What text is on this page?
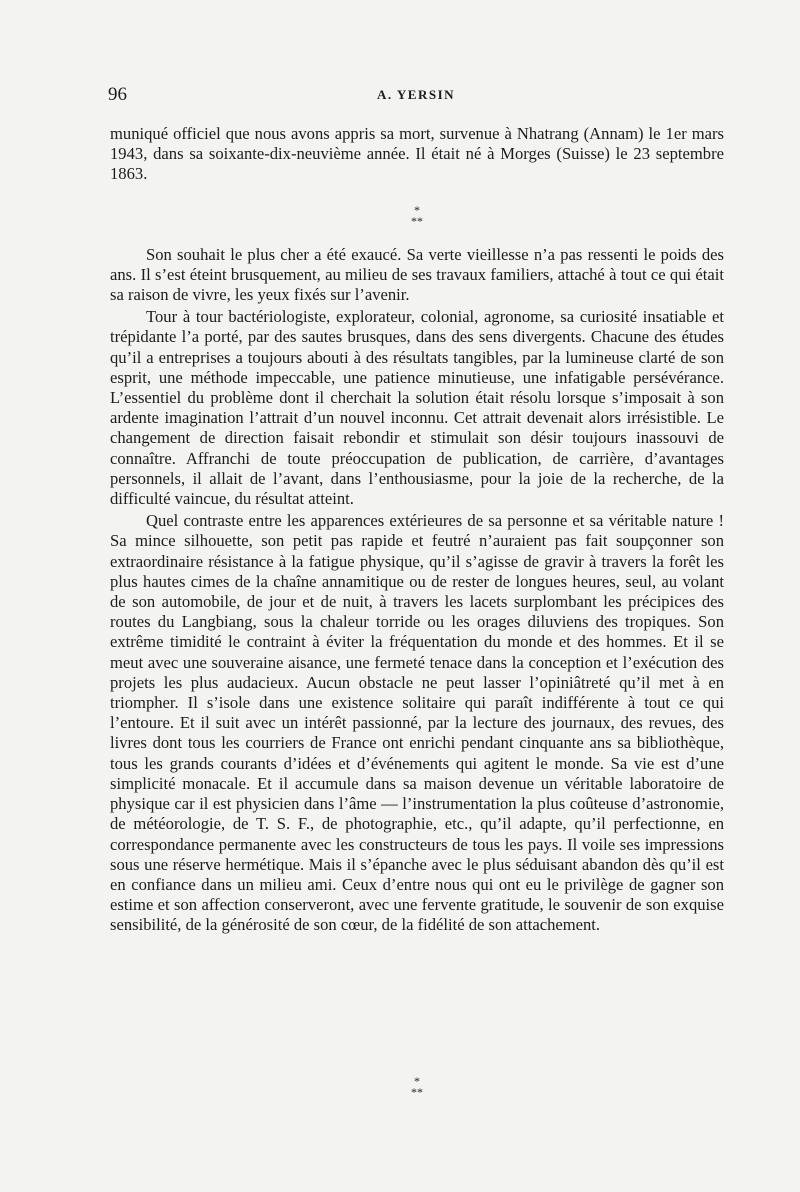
96	A. YERSIN

muniqué officiel que nous avons appris sa mort, survenue à Nhatrang (Annam) le 1er mars 1943, dans sa soixante-dix-neuvième année. Il était né à Morges (Suisse) le 23 septembre 1863.

*
**

Son souhait le plus cher a été exaucé. Sa verte vieillesse n’a pas ressenti le poids des ans. Il s’est éteint brusquement, au milieu de ses travaux familiers, attaché à tout ce qui était sa raison de vivre, les yeux fixés sur l’avenir.

Tour à tour bactériologiste, explorateur, colonial, agronome, sa curiosité insatiable et trépidante l’a porté, par des sautes brusques, dans des sens divergents. Chacune des études qu’il a entreprises a toujours abouti à des résultats tangibles, par la lumineuse clarté de son esprit, une méthode impeccable, une patience minutieuse, une infatigable persévérance. L’essentiel du problème dont il cherchait la solution était résolu lorsque s’imposait à son ardente imagination l’attrait d’un nouvel inconnu. Cet attrait devenait alors irrésistible. Le changement de direction faisait rebondir et stimulait son désir toujours inassouvi de connaître. Affranchi de toute préoccupation de publication, de carrière, d’avantages personnels, il allait de l’avant, dans l’enthousiasme, pour la joie de la recherche, de la difficulté vaincue, du résultat atteint.

Quel contraste entre les apparences extérieures de sa personne et sa véritable nature ! Sa mince silhouette, son petit pas rapide et feutré n’auraient pas fait soupçonner son extraordinaire résistance à la fatigue physique, qu’il s’agisse de gravir à travers la forêt les plus hautes cimes de la chaîne annamitique ou de rester de longues heures, seul, au volant de son automobile, de jour et de nuit, à travers les lacets surplombant les précipices des routes du Langbiang, sous la chaleur torride ou les orages diluviens des tropiques. Son extrême timidité le contraint à éviter la fréquentation du monde et des hommes. Et il se meut avec une souveraine aisance, une fermeté tenace dans la conception et l’exécution des projets les plus audacieux. Aucun obstacle ne peut lasser l’opiniâtreté qu’il met à en triompher. Il s’isole dans une existence solitaire qui paraît indifférente à tout ce qui l’entoure. Et il suit avec un intérêt passionné, par la lecture des journaux, des revues, des livres dont tous les courriers de France ont enrichi pendant cinquante ans sa bibliothèque, tous les grands courants d’idées et d’événements qui agitent le monde. Sa vie est d’une simplicité monacale. Et il accumule dans sa maison devenue un véritable laboratoire de physique car il est physicien dans l’âme — l’instrumentation la plus coûteuse d’astronomie, de météorologie, de T. S. F., de photographie, etc., qu’il adapte, qu’il perfectionne, en correspondance permanente avec les constructeurs de tous les pays. Il voile ses impressions sous une réserve hermétique. Mais il s’épanche avec le plus séduisant abandon dès qu’il est en confiance dans un milieu ami. Ceux d’entre nous qui ont eu le privilège de gagner son estime et son affection conserveront, avec une fervente gratitude, le souvenir de son exquise sensibilité, de la générosité de son cœur, de la fidélité de son attachement.

*
**
